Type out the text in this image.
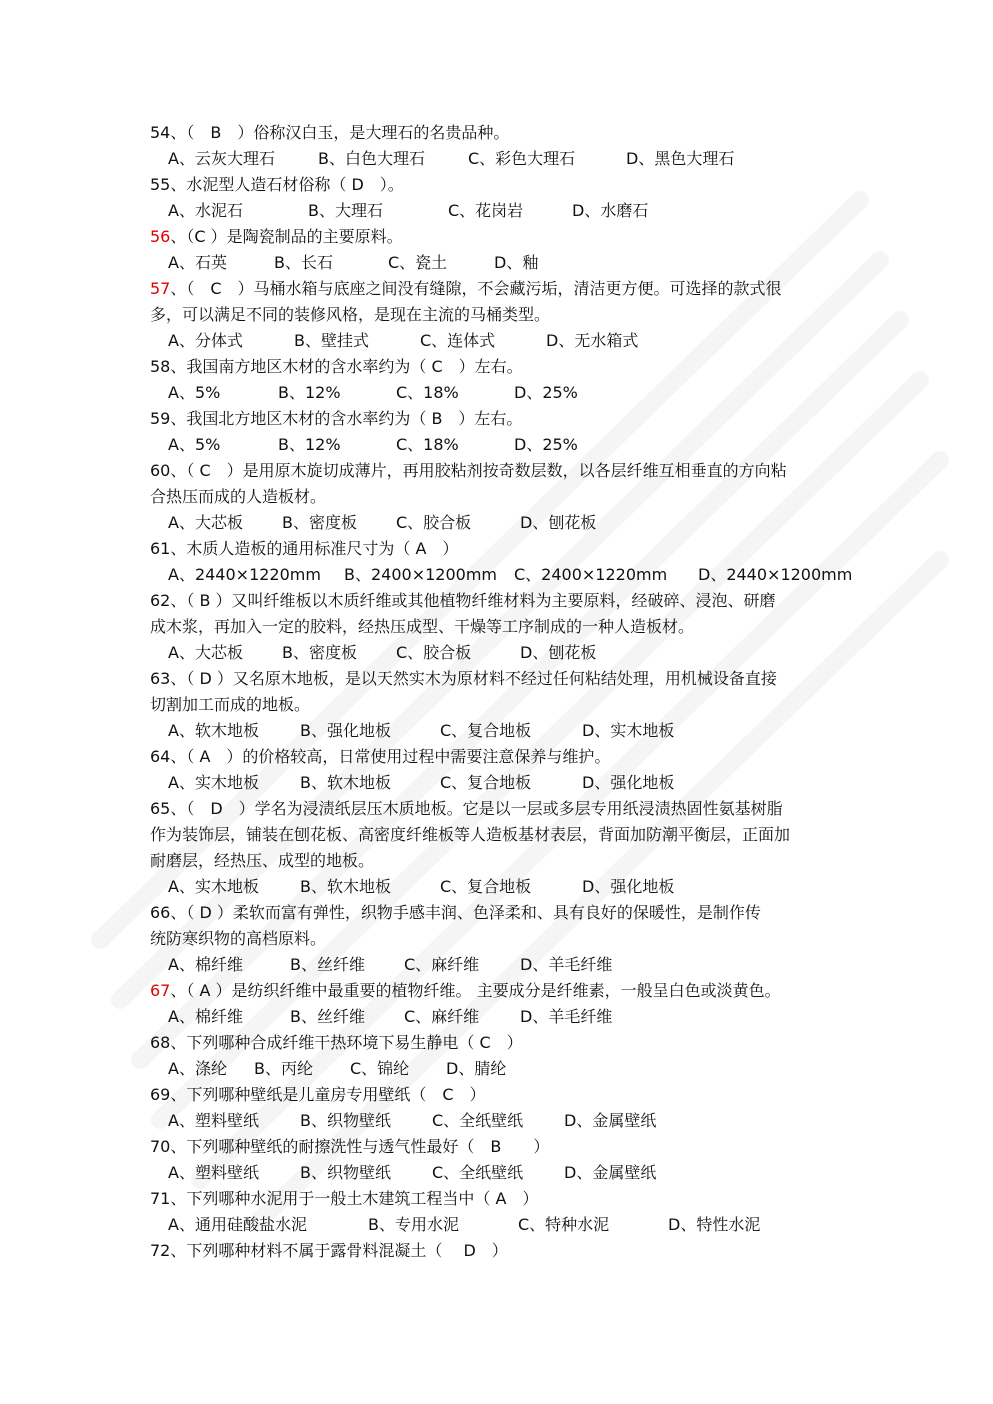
54、（　B　）俗称汉白玉，是大理石的名贵品种。
A、云灰大理石	B、白色大理石	C、彩色大理石	D、黑色大理石
55、水泥型人造石材俗称（ D　）。
A、水泥石	B、大理石	C、花岗岩	D、水磨石
56、（C ）是陶瓷制品的主要原料。
A、石英	B、长石	C、瓷土	D、釉
57、（　C　）马桶水箱与底座之间没有缝隙，不会藏污垢，清洁更方便。可选择的款式很
多，可以满足不同的装修风格，是现在主流的马桶类型。
A、分体式	B、壁挂式	C、连体式	D、无水箱式
58、我国南方地区木材的含水率约为（ C　）左右。
A、5%	B、12%	C、18%	D、25%
59、我国北方地区木材的含水率约为（ B　）左右。
A、5%	B、12%	C、18%	D、25%
60、（ C　）是用原木旋切成薄片，再用胶粘剂按奇数层数，以各层纤维互相垂直的方向粘
合热压而成的人造板材。
A、大芯板 B、密度板 C、胶合板	D、刨花板
61、木质人造板的通用标准尺寸为（ A　）
A、2440×1220mm B、2400×1200mm C、2400×1220mm D、2440×1200mm
62、（ B ）又叫纤维板以木质纤维或其他植物纤维材料为主要原料，经破碎、浸泡、研磨
成木浆，再加入一定的胶料，经热压成型、干燥等工序制成的一种人造板材。
A、大芯板 B、密度板 C、胶合板	D、刨花板
63、（ D ）又名原木地板，是以天然实木为原材料不经过任何粘结处理，用机械设备直接
切割加工而成的地板。
A、软木地板	B、强化地板	C、复合地板	D、实木地板
64、（ A　）的价格较高，日常使用过程中需要注意保养与维护。
A、实木地板	B、软木地板	C、复合地板	D、强化地板
65、（　D　）学名为浸渍纸层压木质地板。它是以一层或多层专用纸浸渍热固性氨基树脂
作为装饰层，铺装在刨花板、高密度纤维板等人造板基材表层，背面加防潮平衡层，正面加
耐磨层，经热压、成型的地板。
A、实木地板	B、软木地板	C、复合地板	D、强化地板
66、（ D ）柔软而富有弹性，织物手感丰润、色泽柔和、具有良好的保暖性，是制作传
统防寒织物的高档原料。
A、棉纤维	B、丝纤维 C、麻纤维	D、羊毛纤维
67、（ A ）是纺织纤维中最重要的植物纤维。 主要成分是纤维素，一般呈白色或淡黄色。
A、棉纤维	B、丝纤维 C、麻纤维	D、羊毛纤维
68、下列哪种合成纤维干热环境下易生静电（ C　）
A、涤纶 B、丙纶 C、锦纶 D、腈纶
69、下列哪种壁纸是儿童房专用壁纸（　C　）
A、塑料壁纸	B、织物壁纸	C、全纸壁纸	D、金属壁纸
70、下列哪种壁纸的耐擦洗性与透气性最好（　B　　）
A、塑料壁纸	B、织物壁纸	C、全纸壁纸	D、金属壁纸
71、下列哪种水泥用于一般土木建筑工程当中（ A　）
A、通用硅酸盐水泥	B、专用水泥	C、特种水泥	D、特性水泥
72、下列哪种材料不属于露骨料混凝土（　 D　）
